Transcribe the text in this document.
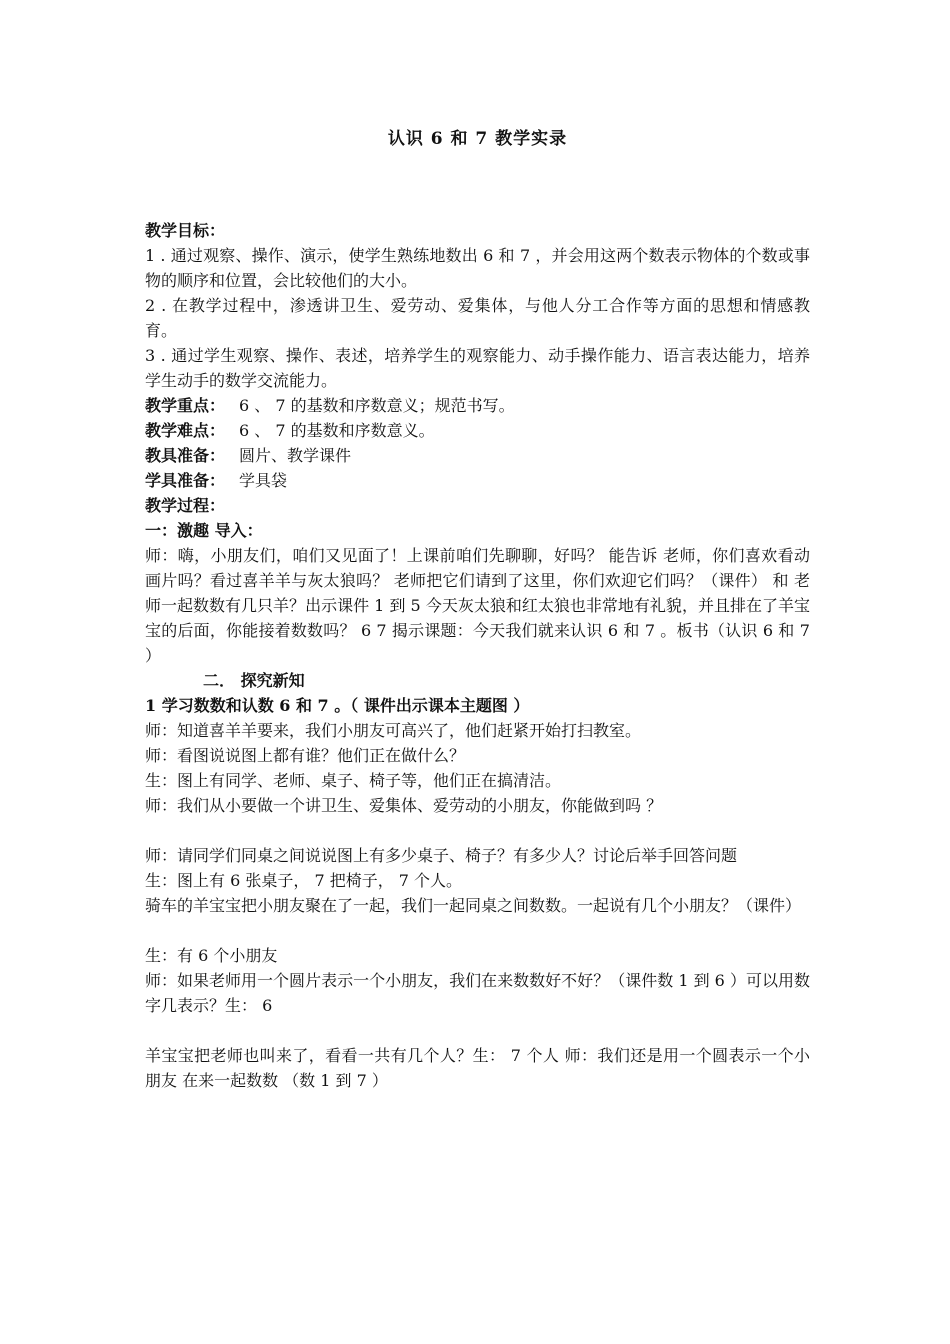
认识 6 和 7 教学实录

教学目标：

1 . 通过观察、操作、演示，使学生熟练地数出 6 和 7 ，并会用这两个数表示物体的个数或事物的顺序和位置，会比较他们的大小。

2 . 在教学过程中，渗透讲卫生、爱劳动、爱集体，与他人分工合作等方面的思想和情感教育。

3 . 通过学生观察、操作、表述，培养学生的观察能力、动手操作能力、语言表达能力，培养学生动手的数学交流能力。

教学重点： 6 、 7 的基数和序数意义；规范书写。

教学难点： 6 、 7 的基数和序数意义。

教具准备： 圆片、教学课件

学具准备： 学具袋

教学过程：

一：激趣 导入：

师：嗨，小朋友们，咱们又见面了！上课前咱们先聊聊，好吗？ 能告诉 老师，你们喜欢看动画片吗？看过喜羊羊与灰太狼吗？ 老师把它们请到了这里，你们欢迎它们吗？（课件） 和 老师一起数数有几只羊？出示课件 1 到 5 今天灰太狼和红太狼也非常地有礼貌，并且排在了羊宝宝的后面，你能接着数数吗？ 6 7 揭示课题：今天我们就来认识 6 和 7 。板书（认识 6 和 7 ）

二． 探究新知

1 学习数数和认数 6 和 7 。（ 课件出示课本主题图 ）

师：知道喜羊羊要来，我们小朋友可高兴了，他们赶紧开始打扫教室。

师：看图说说图上都有谁？他们正在做什么？

生：图上有同学、老师、桌子、椅子等，他们正在搞清洁。

师：我们从小要做一个讲卫生、爱集体、爱劳动的小朋友，你能做到吗 ？

师：请同学们同桌之间说说图上有多少桌子、椅子？有多少人？讨论后举手回答问题

生：图上有 6 张桌子， 7 把椅子， 7 个人。

骑车的羊宝宝把小朋友聚在了一起，我们一起同桌之间数数。一起说有几个小朋友？（课件）

生：有 6 个小朋友

师：如果老师用一个圆片表示一个小朋友，我们在来数数好不好？（课件数 1 到 6 ）可以用数字几表示？生： 6

羊宝宝把老师也叫来了，看看一共有几个人？生： 7 个人 师：我们还是用一个圆表示一个小朋友 在来一起数数 （数 1 到 7 ）
